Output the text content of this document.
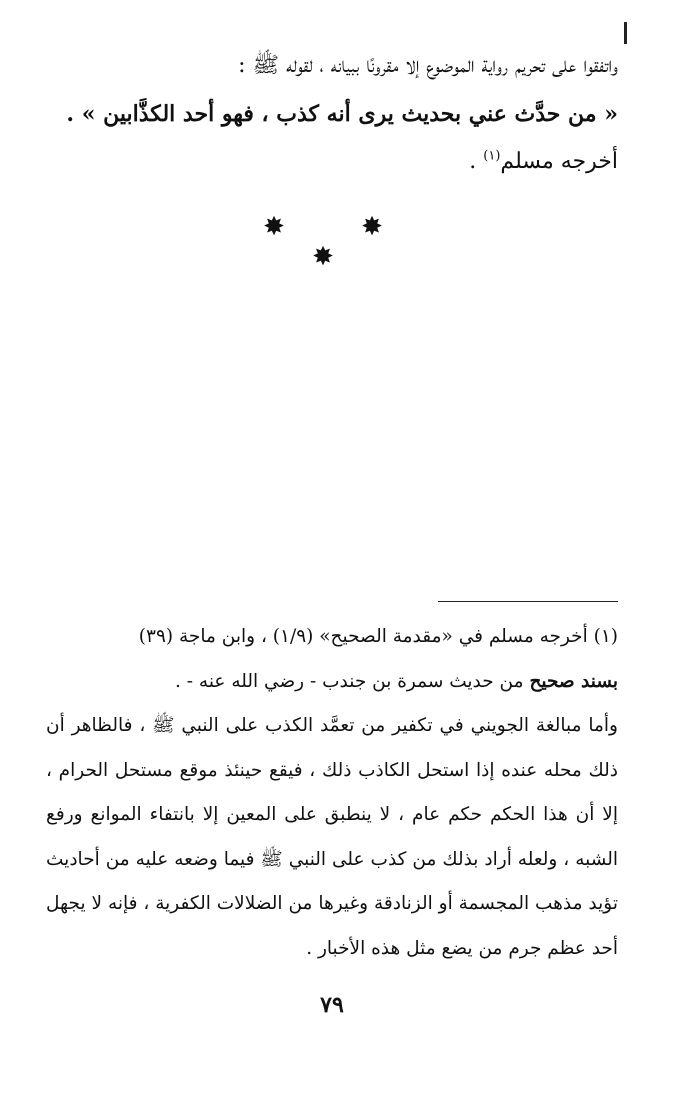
واتفقوا على تحريم رواية الموضوع إلا مقرونًا ببيانه ، لقوله ﷺ :

« من حدَّث عني بحديث يرى أنه كذب ، فهو أحد الكذَّابين » .

أخرجه مسلم$^{(١)}$ .

✸ ✸ ✸

(١) أخرجه مسلم في «مقدمة الصحيح» (١/٩) ، وابن ماجة (٣٩)

بسند صحيح من حديث سمرة بن جندب - رضي الله عنه - .

وأما مبالغة الجويني في تكفير من تعمَّد الكذب على النبي ﷺ ، فالظاهر أن ذلك محله عنده إذا استحل الكاذب ذلك ، فيقع حينئذ موقع مستحل الحرام ، إلا أن هذا الحكم حكم عام ، لا ينطبق على المعين إلا بانتفاء الموانع ورفع الشبه ، ولعله أراد بذلك من كذب على النبي ﷺ فيما وضعه عليه من أحاديث تؤيد مذهب المجسمة أو الزنادقة وغيرها من الضلالات الكفرية ، فإنه لا يجهل أحد عظم جرم من يضع مثل هذه الأخبار .

٧٩
